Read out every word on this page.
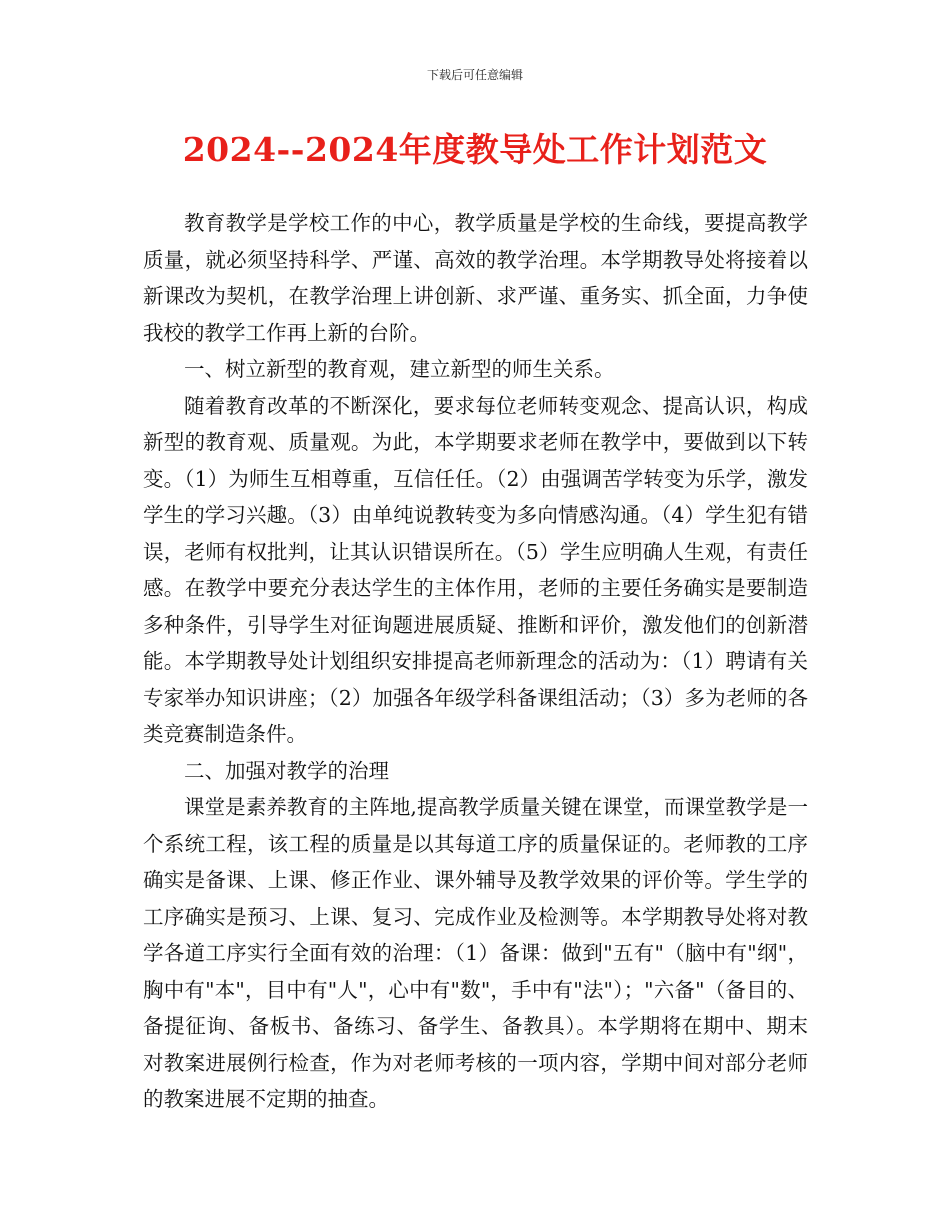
下载后可任意编辑
2024--2024年度教导处工作计划范文

教育教学是学校工作的中心，教学质量是学校的生命线，要提高教学质量，就必须坚持科学、严谨、高效的教学治理。本学期教导处将接着以新课改为契机，在教学治理上讲创新、求严谨、重务实、抓全面，力争使我校的教学工作再上新的台阶。

一、树立新型的教育观，建立新型的师生关系。

随着教育改革的不断深化，要求每位老师转变观念、提高认识，构成新型的教育观、质量观。为此，本学期要求老师在教学中，要做到以下转变。（1）为师生互相尊重，互信任任。（2）由强调苦学转变为乐学，激发学生的学习兴趣。（3）由单纯说教转变为多向情感沟通。（4）学生犯有错误，老师有权批判，让其认识错误所在。（5）学生应明确人生观，有责任感。在教学中要充分表达学生的主体作用，老师的主要任务确实是要制造多种条件，引导学生对征询题进展质疑、推断和评价，激发他们的创新潜能。本学期教导处计划组织安排提高老师新理念的活动为：（1）聘请有关专家举办知识讲座；（2）加强各年级学科备课组活动；（3）多为老师的各类竞赛制造条件。

二、加强对教学的治理

课堂是素养教育的主阵地,提高教学质量关键在课堂，而课堂教学是一个系统工程，该工程的质量是以其每道工序的质量保证的。老师教的工序确实是备课、上课、修正作业、课外辅导及教学效果的评价等。学生学的工序确实是预习、上课、复习、完成作业及检测等。本学期教导处将对教学各道工序实行全面有效的治理：（1）备课：做到"五有"（脑中有"纲"，胸中有"本"，目中有"人"，心中有"数"，手中有"法"）；"六备"（备目的、备提征询、备板书、备练习、备学生、备教具）。本学期将在期中、期末对教案进展例行检查，作为对老师考核的一项内容，学期中间对部分老师的教案进展不定期的抽查。
